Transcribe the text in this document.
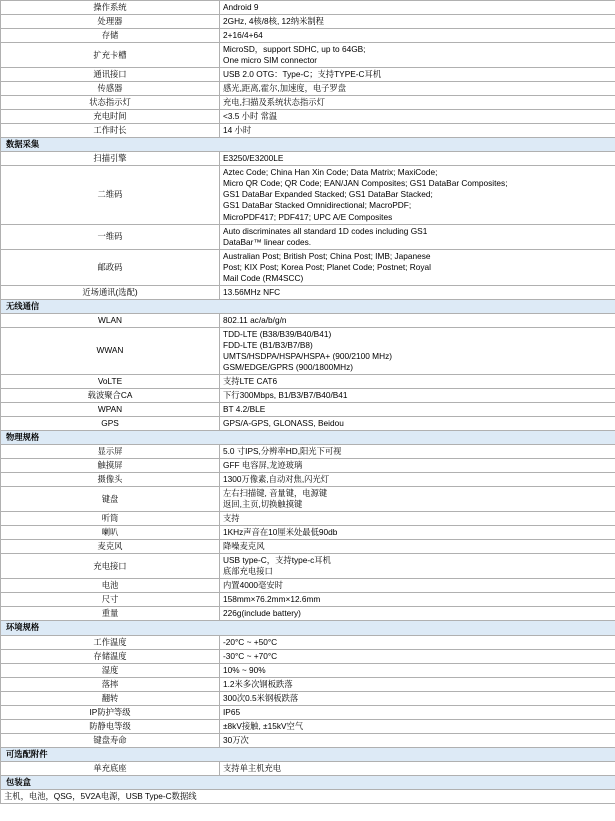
操作系统	Android 9

处理器	2GHz, 4核/8核, 12纳米制程

存储	2+16/4+64

扩充卡槽	MicroSD，support SDHC, up to 64GB;
One micro SIM connector

通讯接口	USB 2.0 OTG：Type-C；支持TYPE-C耳机

传感器	感光,距离,霍尔,加速度，电子罗盘

状态指示灯	充电,扫描及系统状态指示灯

充电时间	<3.5 小时 常温

工作时长	14 小时

数据采集	
扫描引擎	E3250/E3200LE

二维码	Aztec Code; China Han Xin Code; Data Matrix; MaxiCode;
Micro QR Code; QR Code; EAN/JAN Composites; GS1 DataBar Composites;
GS1 DataBar Expanded Stacked; GS1 DataBar Stacked;
GS1 DataBar Stacked Omnidirectional; MacroPDF;
MicroPDF417; PDF417; UPC A/E Composites

一维码	Auto discriminates all standard 1D codes including GS1
DataBar™ linear codes.

邮政码	Australian Post; British Post; China Post; IMB; Japanese
Post; KIX Post; Korea Post; Planet Code; Postnet; Royal
Mail Code (RM4SCC)

近场通讯(选配)	13.56MHz NFC

无线通信	
WLAN	802.11 ac/a/b/g/n

WWAN	TDD-LTE (B38/B39/B40/B41)
FDD-LTE (B1/B3/B7/B8)
UMTS/HSDPA/HSPA/HSPA+ (900/2100 MHz)
GSM/EDGE/GPRS (900/1800MHz)

VoLTE	支持LTE CAT6

载波聚合CA	下行300Mbps, B1/B3/B7/B40/B41

WPAN	BT 4.2/BLE

GPS	GPS/A-GPS, GLONASS, Beidou

物理规格	
显示屏	5.0 寸IPS,分辨率HD,阳光下可视

触摸屏	GFF 电容屏,龙迹玻璃

摄像头	1300万像素,自动对焦,闪光灯

键盘	左右扫描键, 音量键，电源键
返回,主页,切换触摸键

听筒	支持

喇叭	1KHz声音在10厘米处最低90db

麦克风	降噪麦克风

充电接口	USB type-C，支持type-c耳机
底部充电接口

电池	内置4000毫安时

尺寸	158mm×76.2mm×12.6mm

重量	226g(include battery)

环境规格	
工作温度	-20°C ~ +50°C

存储温度	-30°C ~ +70°C

湿度	10% ~ 90%

落摔	1.2米多次钢板跌落

翻转	300次0.5米钢板跌落

IP防护等级	IP65

防静电等级	±8kV接触, ±15kV空气

键盘寿命	30万次

可选配附件	
单充底座	支持单主机充电

包装盒	

主机，电池，QSG，5V2A电源，USB Type-C数据线	
